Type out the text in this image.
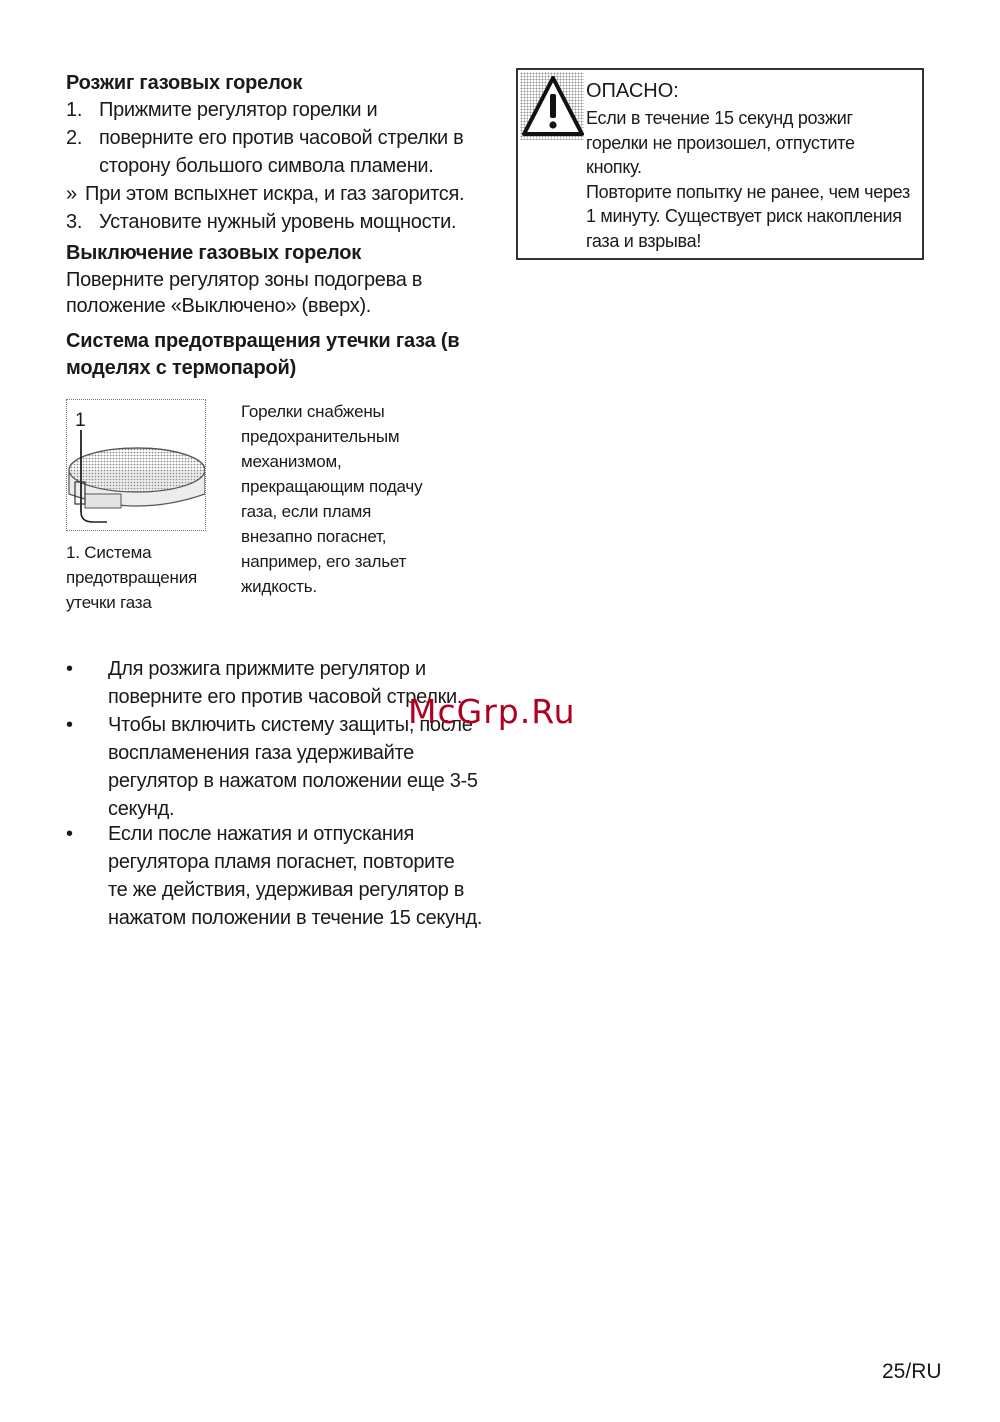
Розжиг газовых горелок
1. Прижмите регулятор горелки и
2. поверните его против часовой стрелки в
сторону большого символа пламени.
» При этом вспыхнет искра, и газ загорится.
3. Установите нужный уровень мощности.
Выключение газовых горелок
Поверните регулятор зоны подогрева в
положение «Выключено» (вверх).
Система предотвращения утечки газа (в
моделях с термопарой)
1
1. Система
предотвращения
утечки газа
Горелки снабжены
предохранительным
механизмом,
прекращающим подачу
газа, если пламя
внезапно погаснет,
например, его зальет
жидкость.
• Для розжига прижмите регулятор и
поверните его против часовой стрелки.
• Чтобы включить систему защиты, после
воспламенения газа удерживайте
регулятор в нажатом положении еще 3-5
секунд.
• Если после нажатия и отпускания
регулятора пламя погаснет, повторите
те же действия, удерживая регулятор в
нажатом положении в течение 15 секунд.
ОПАСНО:
Если в течение 15 секунд розжиг
горелки не произошел, отпустите
кнопку.
Повторите попытку не ранее, чем через
1 минуту. Существует риск накопления
газа и взрыва!
McGrp.Ru
25/RU
